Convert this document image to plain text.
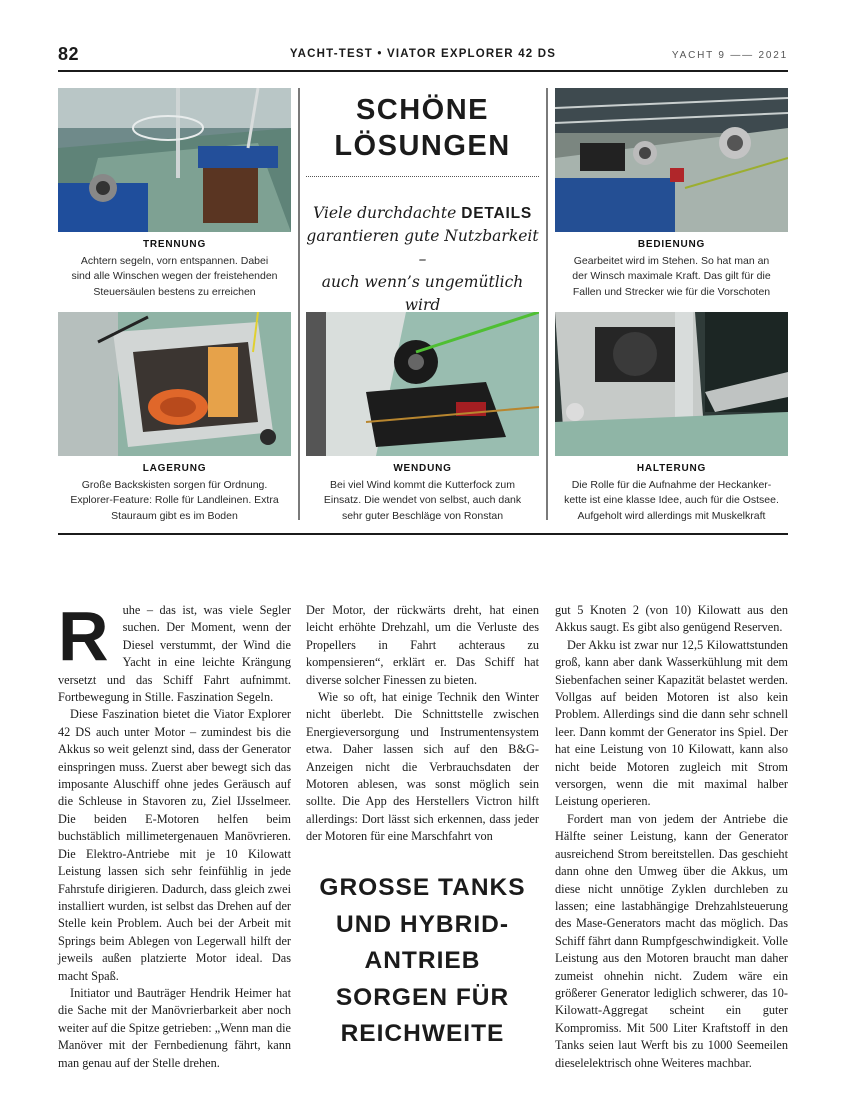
82	YACHT-TEST • VIATOR EXPLORER 42 DS	YACHT 9 —— 2021
SCHÖNE
LÖSUNGEN
Viele durchdachte DETAILS
garantieren gute Nutzbarkeit –
auch wenn’s ungemütlich wird
TRENNUNG
Achtern segeln, vorn entspannen. Dabei
sind alle Winschen wegen der freistehenden
Steuersäulen bestens zu erreichen
BEDIENUNG
Gearbeitet wird im Stehen. So hat man an
der Winsch maximale Kraft. Das gilt für die
Fallen und Strecker wie für die Vorschoten
LAGERUNG
Große Backskisten sorgen für Ordnung.
Explorer-Feature: Rolle für Landleinen. Extra
Stauraum gibt es im Boden
WENDUNG
Bei viel Wind kommt die Kutterfock zum
Einsatz. Die wendet von selbst, auch dank
sehr guter Beschläge von Ronstan
HALTERUNG
Die Rolle für die Aufnahme der Heckanker-
kette ist eine klasse Idee, auch für die Ostsee.
Aufgeholt wird allerdings mit Muskelkraft
R	uhe – das ist, was viele Segler suchen. Der Moment, wenn der Diesel verstummt, der Wind die Yacht in eine leichte Krängung versetzt und das Schiff Fahrt aufnimmt. Fortbewegung in Stille. Faszination Segeln.

Diese Faszination bietet die Viator Explorer 42 DS auch unter Motor – zumindest bis die Akkus so weit gelenzt sind, dass der Generator einspringen muss. Zuerst aber bewegt sich das imposante Aluschiff ohne jedes Geräusch auf die Schleuse in Stavoren zu, Ziel IJsselmeer. Die beiden E-Motoren helfen beim buchstäblich millimetergenauen Manövrieren. Die Elektro-Antriebe mit je 10 Kilowatt Leistung lassen sich sehr feinfühlig in jede Fahrstufe dirigieren. Dadurch, dass gleich zwei installiert wurden, ist selbst das Drehen auf der Stelle kein Problem. Auch bei der Arbeit mit Springs beim Ablegen von Legerwall hilft der jeweils außen platzierte Motor ideal. Das macht Spaß.

Initiator und Bauträger Hendrik Heimer hat die Sache mit der Manövrierbarkeit aber noch weiter auf die Spitze getrieben: „Wenn man die Manöver mit der Fernbedienung fährt, kann man genau auf der Stelle drehen.

Der Motor, der rückwärts dreht, hat einen leicht erhöhte Drehzahl, um die Verluste des Propellers in Fahrt achteraus zu kompensieren“, erklärt er. Das Schiff hat diverse solcher Finessen zu bieten.

Wie so oft, hat einige Technik den Winter nicht überlebt. Die Schnittstelle zwischen Energieversorgung und Instrumentensystem etwa. Daher lassen sich auf den B&G-Anzeigen nicht die Verbrauchsdaten der Motoren ablesen, was sonst möglich sein sollte. Die App des Herstellers Victron hilft allerdings: Dort lässt sich erkennen, dass jeder der Motoren für eine Marschfahrt von

gut 5 Knoten 2 (von 10) Kilowatt aus den Akkus saugt. Es gibt also genügend Reserven.

Der Akku ist zwar nur 12,5 Kilowattstunden groß, kann aber dank Wasserkühlung mit dem Siebenfachen seiner Kapazität belastet werden. Vollgas auf beiden Motoren ist also kein Problem. Allerdings sind die dann sehr schnell leer. Dann kommt der Generator ins Spiel. Der hat eine Leistung von 10 Kilowatt, kann also nicht beide Motoren zugleich mit Strom versorgen, wenn die mit maximal halber Leistung operieren.

Fordert man von jedem der Antriebe die Hälfte seiner Leistung, kann der Generator ausreichend Strom bereitstellen. Das geschieht dann ohne den Umweg über die Akkus, um diese nicht unnötige Zyklen durchleben zu lassen; eine lastabhängige Drehzahlsteuerung des Mase-Generators macht das möglich. Das Schiff fährt dann Rumpfgeschwindigkeit. Volle Leistung aus den Motoren braucht man daher zumeist ohnehin nicht. Zudem wäre ein größerer Generator lediglich schwerer, das 10-Kilowatt-Aggregat scheint ein guter Kompromiss. Mit 500 Liter Kraftstoff in den Tanks seien laut Werft bis zu 1000 Seemeilen dieselelektrisch ohne Weiteres machbar.

GROSSE TANKS
UND HYBRID-
ANTRIEB
SORGEN FÜR
REICHWEITE
